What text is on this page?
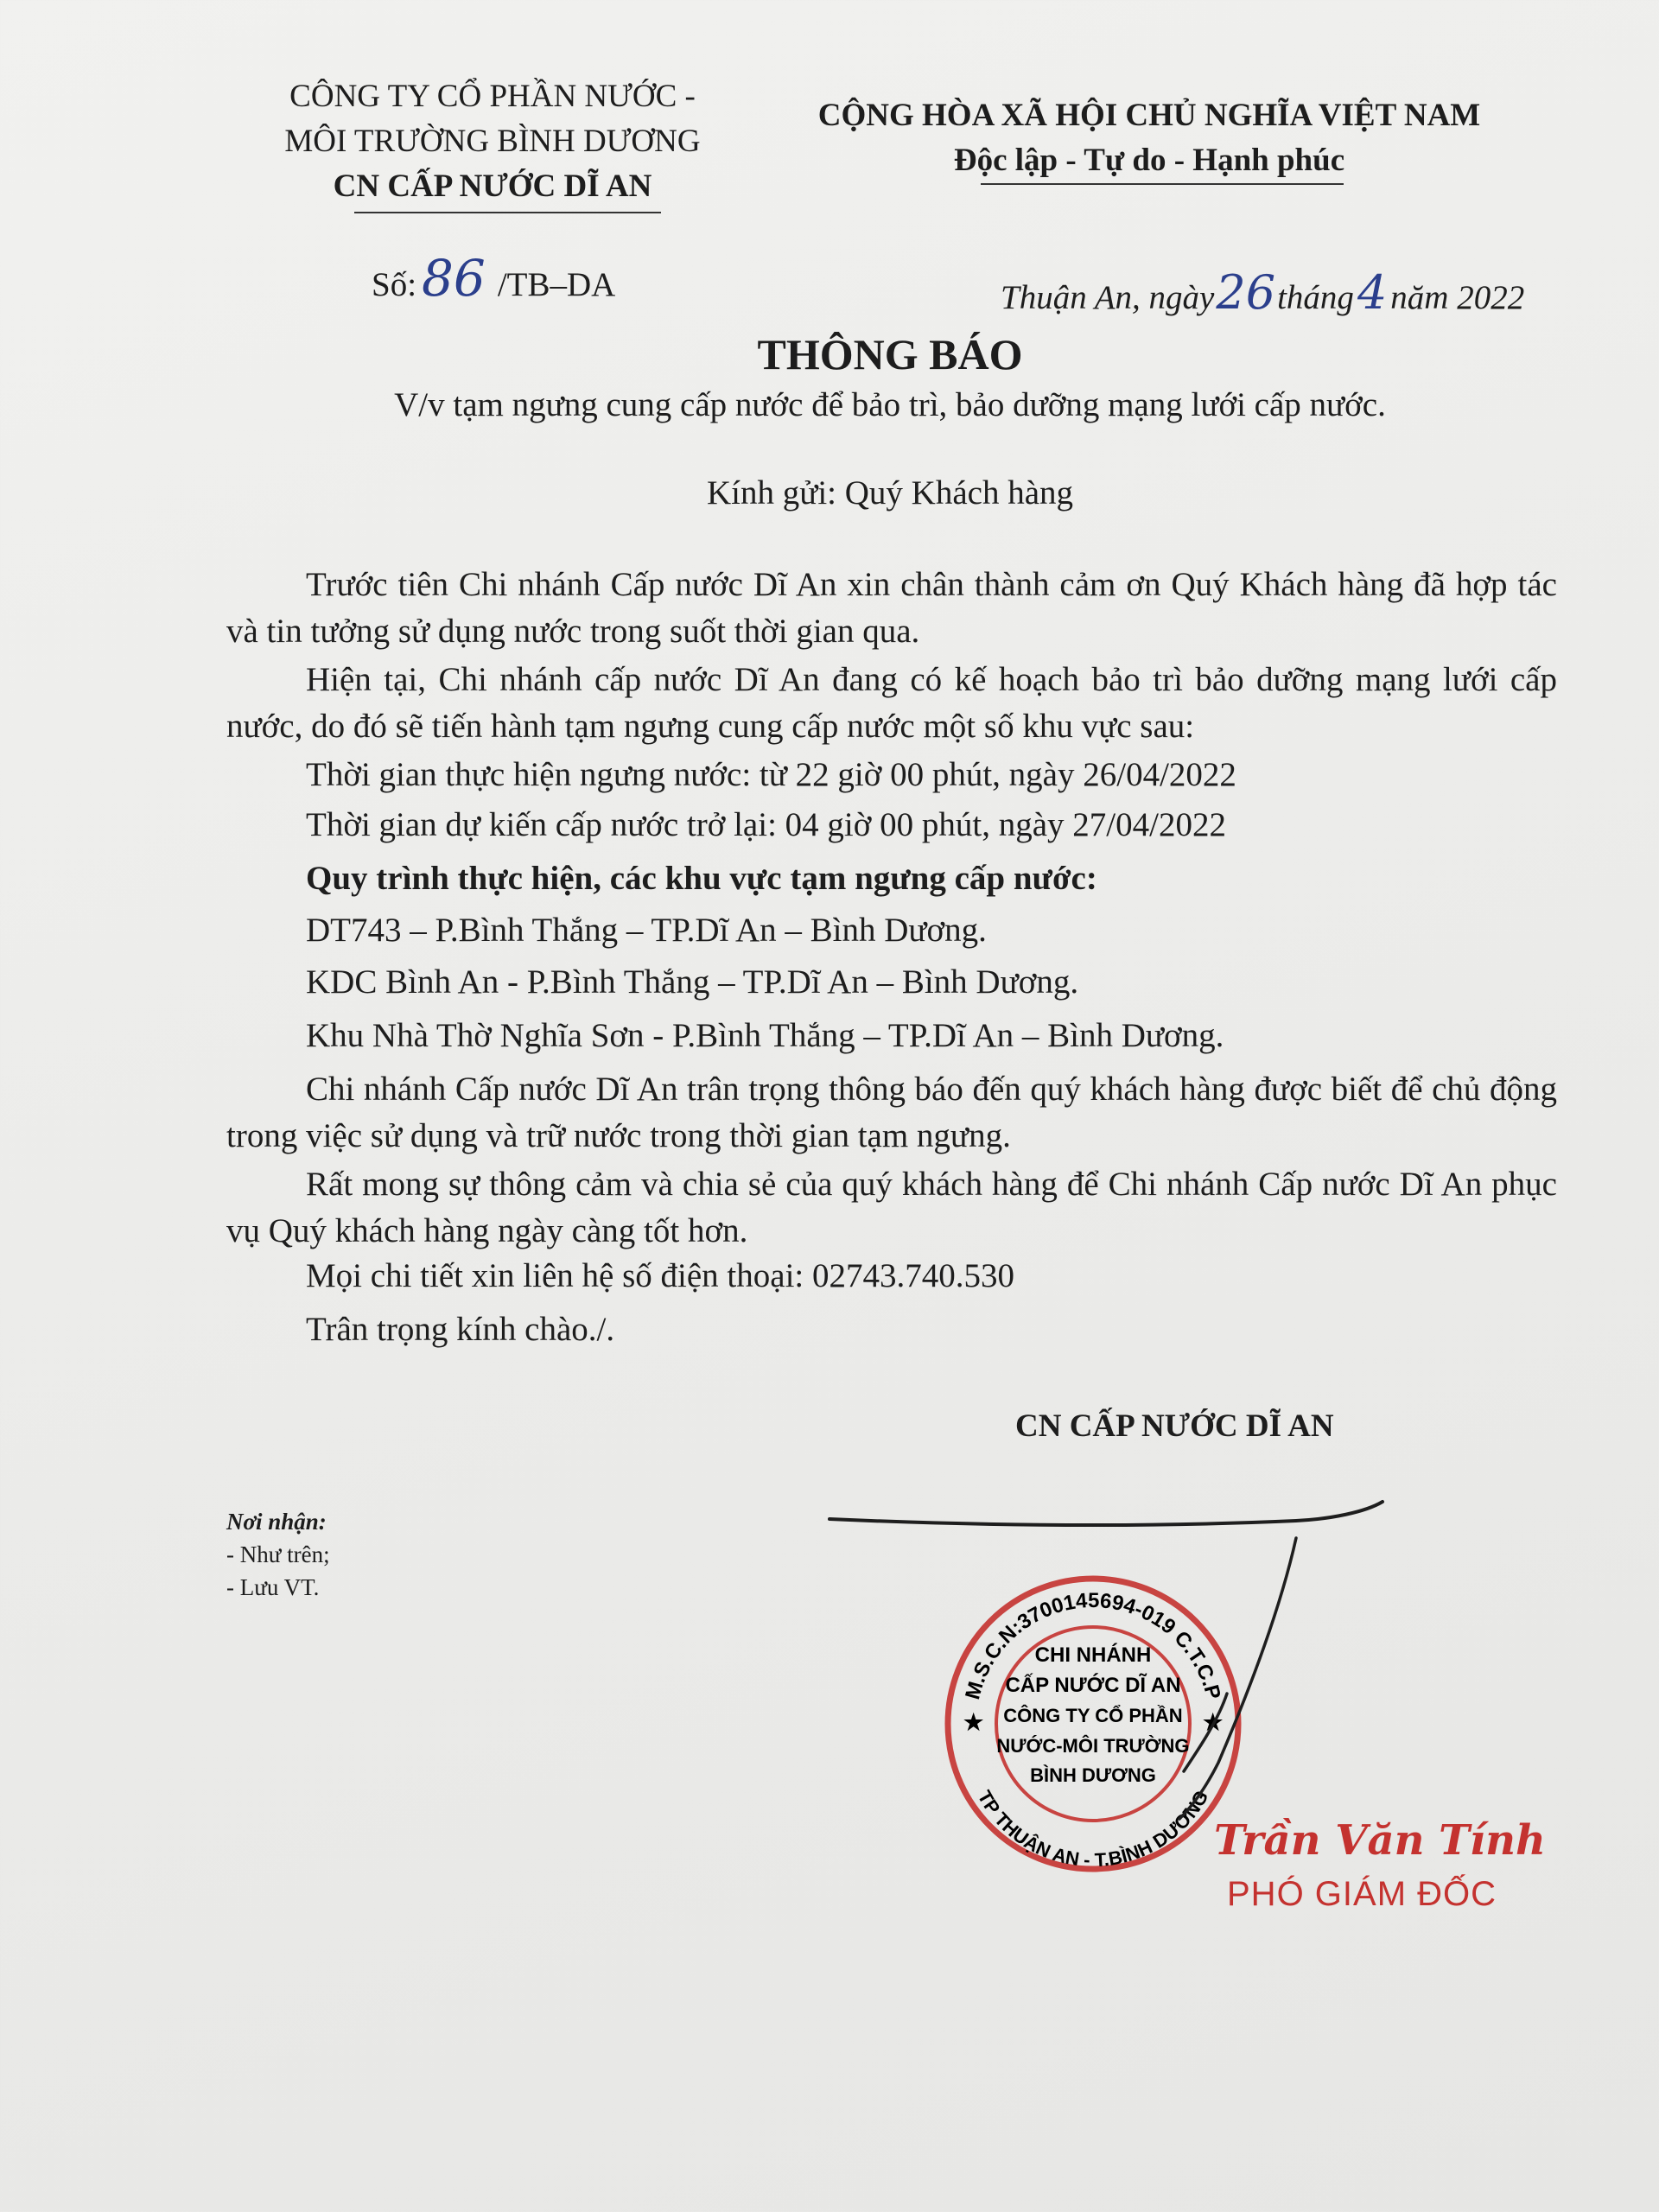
CÔNG TY CỔ PHẦN NƯỚC -
MÔI TRƯỜNG BÌNH DƯƠNG
CN CẤP NƯỚC DĨ AN
CỘNG HÒA XÃ HỘI CHỦ NGHĨA VIỆT NAM
Độc lập - Tự do - Hạnh phúc
Số: 86 /TB–DA	Thuận An, ngày26tháng4 năm 2022
THÔNG BÁO
V/v tạm ngưng cung cấp nước để bảo trì, bảo dưỡng mạng lưới cấp nước.
Kính gửi: Quý Khách hàng
Trước tiên Chi nhánh Cấp nước Dĩ An xin chân thành cảm ơn Quý Khách hàng đã hợp tác và tin tưởng sử dụng nước trong suốt thời gian qua.
Hiện tại, Chi nhánh cấp nước Dĩ An đang có kế hoạch bảo trì bảo dưỡng mạng lưới cấp nước, do đó sẽ tiến hành tạm ngưng cung cấp nước một số khu vực sau:
Thời gian thực hiện ngưng nước: từ 22 giờ 00 phút, ngày 26/04/2022
Thời gian dự kiến cấp nước trở lại: 04 giờ 00 phút, ngày 27/04/2022
Quy trình thực hiện, các khu vực tạm ngưng cấp nước:
DT743 – P.Bình Thắng – TP.Dĩ An – Bình Dương.
KDC Bình An - P.Bình Thắng – TP.Dĩ An – Bình Dương.
Khu Nhà Thờ Nghĩa Sơn - P.Bình Thắng – TP.Dĩ An – Bình Dương.
Chi nhánh Cấp nước Dĩ An trân trọng thông báo đến quý khách hàng được biết để chủ động trong việc sử dụng và trữ nước trong thời gian tạm ngưng.
Rất mong sự thông cảm và chia sẻ của quý khách hàng để Chi nhánh Cấp nước Dĩ An phục vụ Quý khách hàng ngày càng tốt hơn.
Mọi chi tiết xin liên hệ số điện thoại: 02743.740.530
Trân trọng kính chào./.
CN CẤP NƯỚC DĨ AN
Nơi nhận:
- Như trên;
- Lưu VT.
M.S.C.N:3700145694-019 C.T.C.P
TP THUẬN AN - T.BÌNH DƯƠNG
CHI NHÁNH
CẤP NƯỚC DĨ AN
CÔNG TY CỔ PHẦN
NƯỚC-MÔI TRƯỜNG
BÌNH DƯƠNG
★	★
Trần Văn Tính
PHÓ GIÁM ĐỐC
